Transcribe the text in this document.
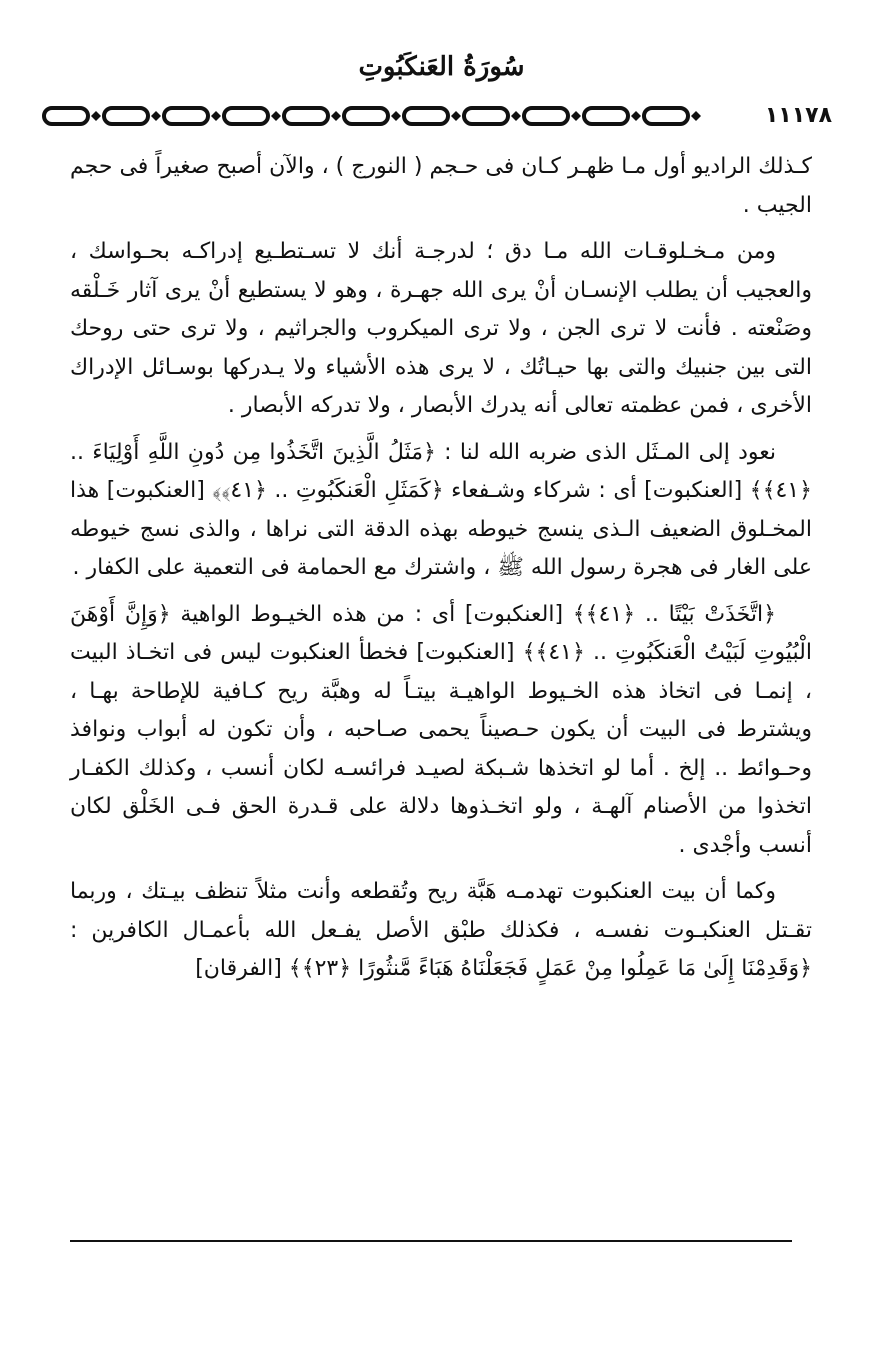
سُورَةُ العَنكَبُوتِ
١١١٧٨

كـذلك الراديو أول مـا ظهـر كـان فى حـجم ( النورج ) ، والآن أصبح صغيراً فى حجم الجيب .

ومن مـخـلوقـات الله مـا دق ؛ لدرجـة أنك لا تسـتطـيع إدراكـه بحـواسك ، والعجيب أن يطلب الإنسـان أنْ يرى الله جهـرة ، وهو لا يستطيع أنْ يرى آثار خَـلْقه وصَنْعته . فأنت لا ترى الجن ، ولا ترى الميكروب والجراثيم ، ولا ترى حتى روحك التى بين جنبيك والتى بها حيـاتُك ، لا يرى هذه الأشياء ولا يـدركها بوسـائل الإدراك الأخرى ، فمن عظمته تعالى أنه يدرك الأبصار ، ولا تدركه الأبصار .

نعود إلى المـثَل الذى ضربه الله لنا : ﴿مَثَلُ الَّذِينَ اتَّخَذُوا مِن دُونِ اللَّهِ أَوْلِيَاءَ .. ﴿٤١﴾﴾ [العنكبوت] أى : شركاء وشـفعاء ﴿كَمَثَلِ الْعَنكَبُوتِ .. ﴿٤١﴾﴾ [العنكبوت] هذا المخـلوق الضعيف الـذى ينسج خيوطه بهذه الدقة التى نراها ، والذى نسج خيوطه على الغار فى هجرة رسول الله ﷺ ، واشترك مع الحمامة فى التعمية على الكفار .

﴿اتَّخَذَتْ بَيْتًا .. ﴿٤١﴾﴾ [العنكبوت] أى : من هذه الخيـوط الواهية ﴿وَإِنَّ أَوْهَنَ الْبُيُوتِ لَبَيْتُ الْعَنكَبُوتِ .. ﴿٤١﴾﴾ [العنكبوت] فخطأ العنكبوت ليس فى اتخـاذ البيت ، إنمـا فى اتخاذ هذه الخـيوط الواهيـة بيتـاً له وهبَّة ريح كـافية للإطاحة بهـا ، ويشترط فى البيت أن يكون حـصيناً يحمى صـاحبه ، وأن تكون له أبواب ونوافذ وحـوائط .. إلخ . أما لو اتخذها شـبكة لصيـد فرائسـه لكان أنسب ، وكذلك الكفـار اتخذوا من الأصنام آلهـة ، ولو اتخـذوها دلالة على قـدرة الحق فـى الخَلْق لكان أنسب وأجْدى .

وكما أن بيت العنكبوت تهدمـه هَبَّة ريح وتُقطعه وأنت مثلاً تنظف بيـتك ، وربما تقـتل العنكبـوت نفسـه ، فكذلك طبْق الأصل يفـعل الله بأعمـال الكافرين : ﴿وَقَدِمْنَا إِلَىٰ مَا عَمِلُوا مِنْ عَمَلٍ فَجَعَلْنَاهُ هَبَاءً مَّنثُورًا ﴿٢٣﴾﴾ [الفرقان]
